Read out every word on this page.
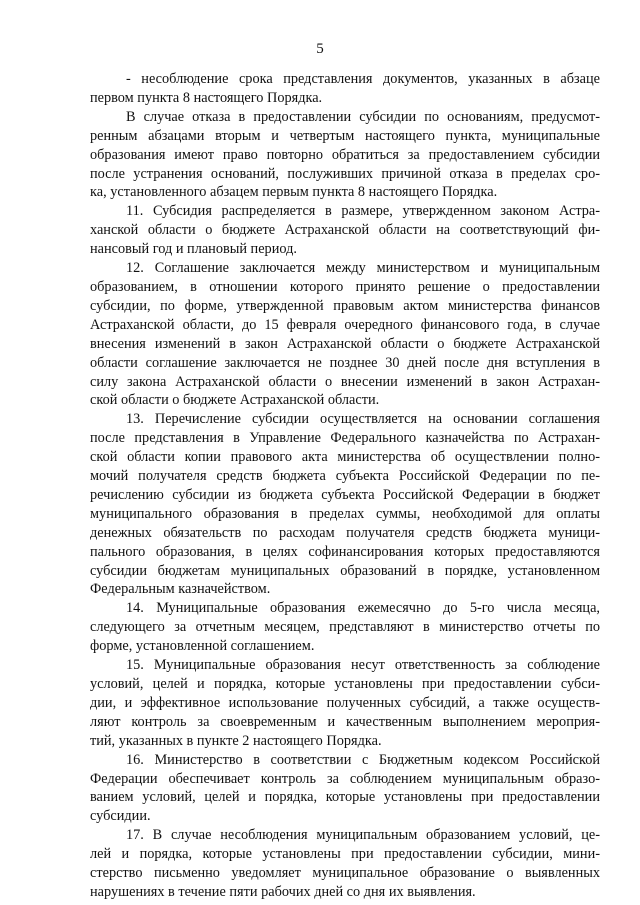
5
- несоблюдение срока представления документов, указанных в абзаце
первом пункта 8 настоящего Порядка.
В случае отказа в предоставлении субсидии по основаниям, предусмот-
ренным абзацами вторым и четвертым настоящего пункта, муниципальные
образования имеют право повторно обратиться за предоставлением субсидии
после устранения оснований, послуживших причиной отказа в пределах сро-
ка, установленного абзацем первым пункта 8 настоящего Порядка.
11. Субсидия распределяется в размере, утвержденном законом Астра-
ханской области о бюджете Астраханской области на соответствующий фи-
нансовый год и плановый период.
12. Соглашение заключается между министерством и муниципальным
образованием, в отношении которого принято решение о предоставлении
субсидии, по форме, утвержденной правовым актом министерства финансов
Астраханской области, до 15 февраля очередного финансового года, в случае
внесения изменений в закон Астраханской области о бюджете Астраханской
области соглашение заключается не позднее 30 дней после дня вступления в
силу закона Астраханской области о внесении изменений в закон Астрахан-
ской области о бюджете Астраханской области.
13. Перечисление субсидии осуществляется на основании соглашения
после представления в Управление Федерального казначейства по Астрахан-
ской области копии правового акта министерства об осуществлении полно-
мочий получателя средств бюджета субъекта Российской Федерации по пе-
речислению субсидии из бюджета субъекта Российской Федерации в бюджет
муниципального образования в пределах суммы, необходимой для оплаты
денежных обязательств по расходам получателя средств бюджета муници-
пального образования, в целях софинансирования которых предоставляются
субсидии бюджетам муниципальных образований в порядке, установленном
Федеральным казначейством.
14. Муниципальные образования ежемесячно до 5-го числа месяца,
следующего за отчетным месяцем, представляют в министерство отчеты по
форме, установленной соглашением.
15. Муниципальные образования несут ответственность за соблюдение
условий, целей и порядка, которые установлены при предоставлении субси-
дии, и эффективное использование полученных субсидий, а также осуществ-
ляют контроль за своевременным и качественным выполнением мероприя-
тий, указанных в пункте 2 настоящего Порядка.
16. Министерство в соответствии с Бюджетным кодексом Российской
Федерации обеспечивает контроль за соблюдением муниципальным образо-
ванием условий, целей и порядка, которые установлены при предоставлении
субсидии.
17. В случае несоблюдения муниципальным образованием условий, це-
лей и порядка, которые установлены при предоставлении субсидии, мини-
стерство письменно уведомляет муниципальное образование о выявленных
нарушениях в течение пяти рабочих дней со дня их выявления.
